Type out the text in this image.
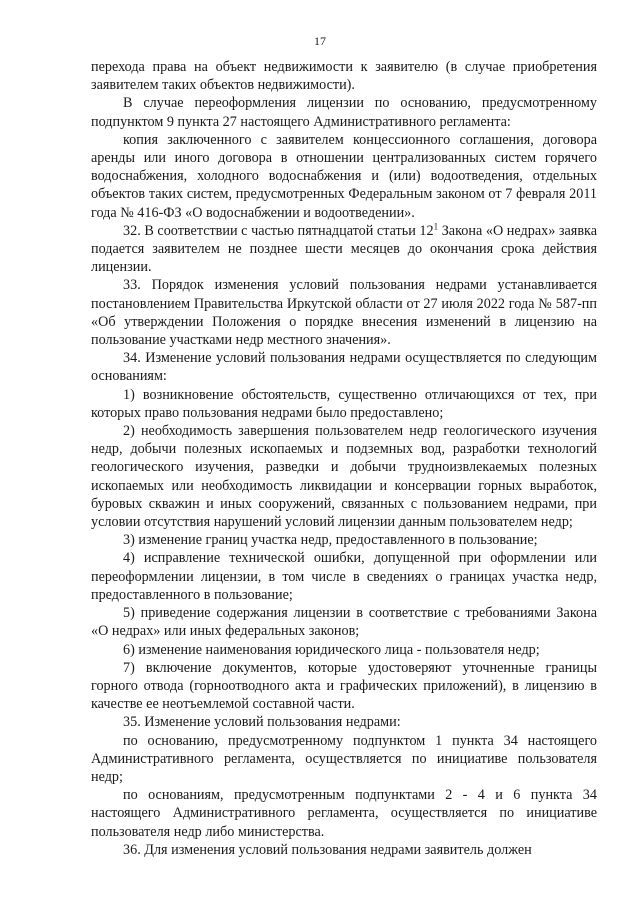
17

перехода права на объект недвижимости к заявителю (в случае приобретения заявителем таких объектов недвижимости).

В случае переоформления лицензии по основанию, предусмотренному подпунктом 9 пункта 27 настоящего Административного регламента:

копия заключенного с заявителем концессионного соглашения, договора аренды или иного договора в отношении централизованных систем горячего водоснабжения, холодного водоснабжения и (или) водоотведения, отдельных объектов таких систем, предусмотренных Федеральным законом от 7 февраля 2011 года № 416-ФЗ «О водоснабжении и водоотведении».

32. В соответствии с частью пятнадцатой статьи $12^1$ Закона «О недрах» заявка подается заявителем не позднее шести месяцев до окончания срока действия лицензии.

33. Порядок изменения условий пользования недрами устанавливается постановлением Правительства Иркутской области от 27 июля 2022 года № 587-пп «Об утверждении Положения о порядке внесения изменений в лицензию на пользование участками недр местного значения».

34. Изменение условий пользования недрами осуществляется по следующим основаниям:

1) возникновение обстоятельств, существенно отличающихся от тех, при которых право пользования недрами было предоставлено;

2) необходимость завершения пользователем недр геологического изучения недр, добычи полезных ископаемых и подземных вод, разработки технологий геологического изучения, разведки и добычи трудноизвлекаемых полезных ископаемых или необходимость ликвидации и консервации горных выработок, буровых скважин и иных сооружений, связанных с пользованием недрами, при условии отсутствия нарушений условий лицензии данным пользователем недр;

3) изменение границ участка недр, предоставленного в пользование;

4) исправление технической ошибки, допущенной при оформлении или переоформлении лицензии, в том числе в сведениях о границах участка недр, предоставленного в пользование;

5) приведение содержания лицензии в соответствие с требованиями Закона «О недрах» или иных федеральных законов;

6) изменение наименования юридического лица - пользователя недр;

7) включение документов, которые удостоверяют уточненные границы горного отвода (горноотводного акта и графических приложений), в лицензию в качестве ее неотъемлемой составной части.

35. Изменение условий пользования недрами:

по основанию, предусмотренному подпунктом 1 пункта 34 настоящего Административного регламента, осуществляется по инициативе пользователя недр;

по основаниям, предусмотренным подпунктами 2 - 4 и 6 пункта 34 настоящего Административного регламента, осуществляется по инициативе пользователя недр либо министерства.

36. Для изменения условий пользования недрами заявитель должен
